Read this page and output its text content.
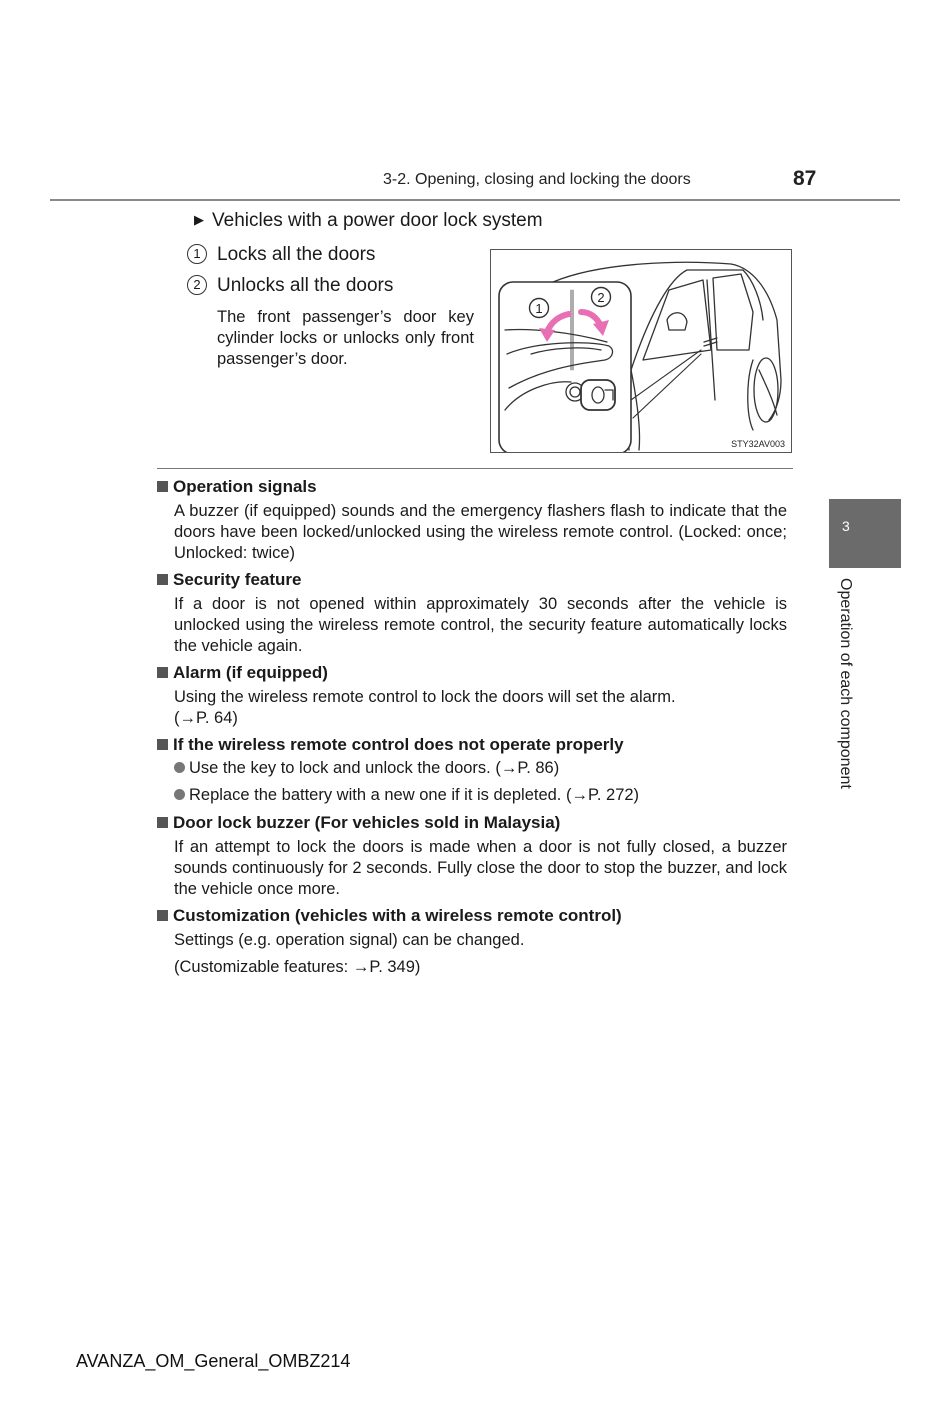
3-2. Opening, closing and locking the doors	87
3
Operation of each component
▶ Vehicles with a power door lock system
1 Locks all the doors
2 Unlocks all the doors
The front passenger’s door key cylinder locks or unlocks only front passenger’s door.
1
2
STY32AV003
Operation signals
A buzzer (if equipped) sounds and the emergency flashers flash to indicate that the doors have been locked/unlocked using the wireless remote control. (Locked: once; Unlocked: twice)
Security feature
If a door is not opened within approximately 30 seconds after the vehicle is unlocked using the wireless remote control, the security feature automatically locks the vehicle again.
Alarm (if equipped)
Using the wireless remote control to lock the doors will set the alarm.
(→P. 64)
If the wireless remote control does not operate properly
Use the key to lock and unlock the doors. (→P. 86)
Replace the battery with a new one if it is depleted. (→P. 272)
Door lock buzzer (For vehicles sold in Malaysia)
If an attempt to lock the doors is made when a door is not fully closed, a buzzer sounds continuously for 2 seconds. Fully close the door to stop the buzzer, and lock the vehicle once more.
Customization (vehicles with a wireless remote control)
Settings (e.g. operation signal) can be changed.
(Customizable features: →P. 349)
AVANZA_OM_General_OMBZ214
